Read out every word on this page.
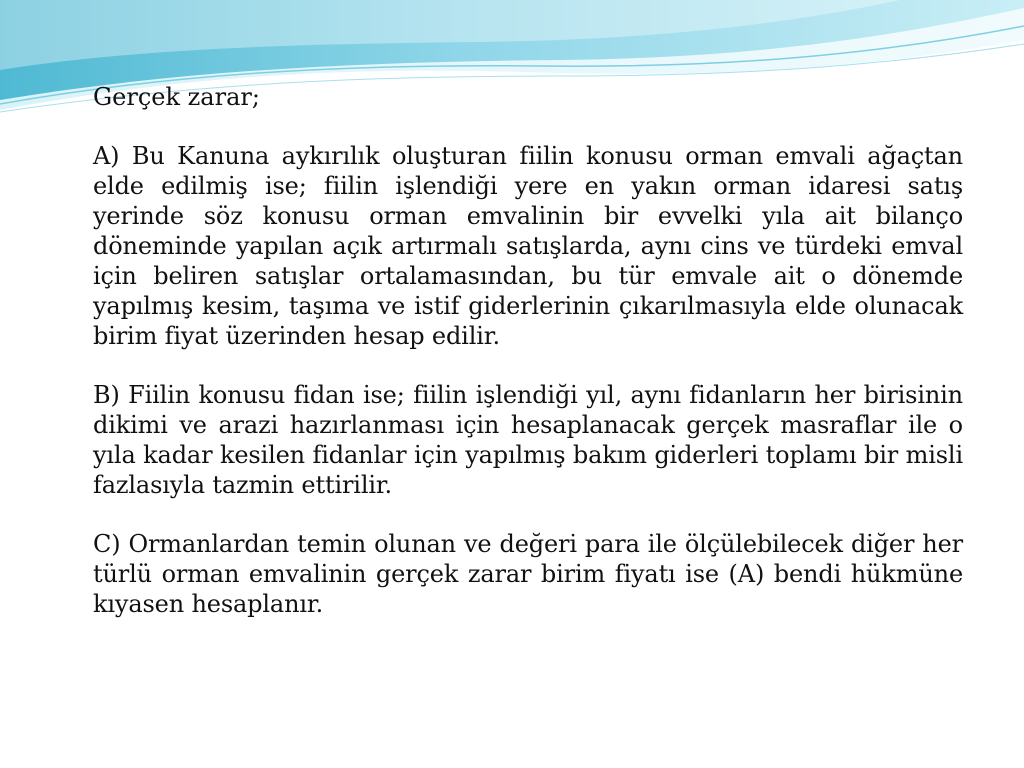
Gerçek zarar;

A) Bu Kanuna aykırılık oluşturan fiilin konusu orman emvali ağaçtan elde edilmiş ise; fiilin işlendiği yere en yakın orman idaresi satış yerinde söz konusu orman emvalinin bir evvelki yıla ait bilanço döneminde yapılan açık artırmalı satışlarda, aynı cins ve türdeki emval için beliren satışlar ortalamasından, bu tür emvale ait o dönemde yapılmış kesim, taşıma ve istif giderlerinin çıkarılmasıyla elde olunacak birim fiyat üzerinden hesap edilir.

B) Fiilin konusu fidan ise; fiilin işlendiği yıl, aynı fidanların her birisinin dikimi ve arazi hazırlanması için hesaplanacak gerçek masraflar ile o yıla kadar kesilen fidanlar için yapılmış bakım giderleri toplamı bir misli fazlasıyla tazmin ettirilir.

C) Ormanlardan temin olunan ve değeri para ile ölçülebilecek diğer her türlü orman emvalinin gerçek zarar birim fiyatı ise (A) bendi hükmüne kıyasen hesaplanır.
